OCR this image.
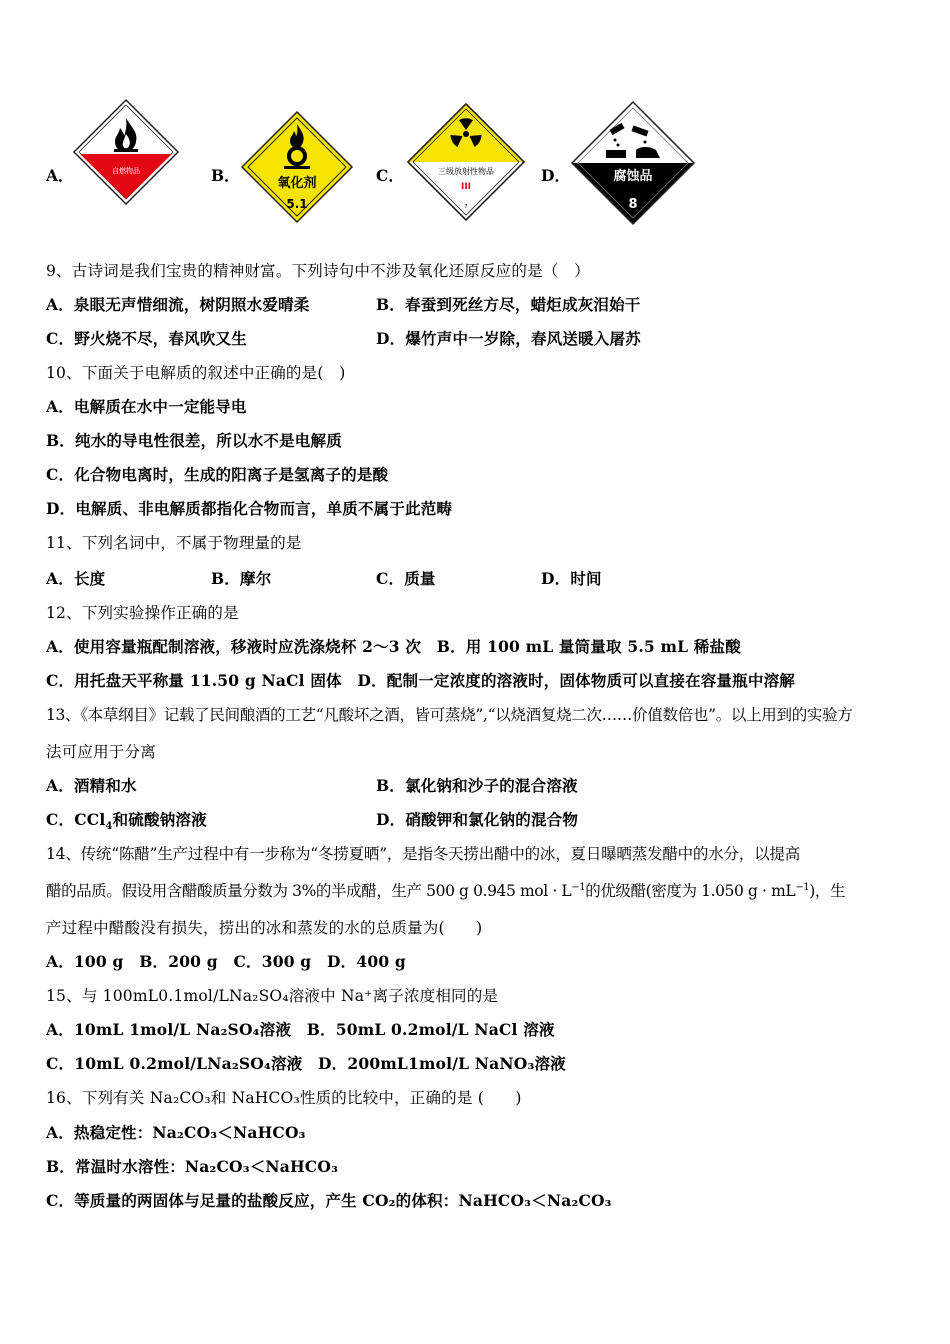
A．	自燃物品	B．	氧化剂
5.1
C．	三级放射性物品
III
7
D．	腐蚀品
8
9、古诗词是我们宝贵的精神财富。下列诗句中不涉及氧化还原反应的是（　）
A．泉眼无声惜细流，树阴照水爱晴柔	B．春蚕到死丝方尽，蜡炬成灰泪始干
C．野火烧不尽，春风吹又生	D．爆竹声中一岁除，春风送暖入屠苏
10、下面关于电解质的叙述中正确的是(　)
A．电解质在水中一定能导电
B．纯水的导电性很差，所以水不是电解质
C．化合物电离时，生成的阳离子是氢离子的是酸
D．电解质、非电解质都指化合物而言，单质不属于此范畴
11、下列名词中，不属于物理量的是
A．长度	B．摩尔	C．质量	D．时间
12、下列实验操作正确的是
A．使用容量瓶配制溶液，移液时应洗涤烧杯 2～3 次　B．用 100 mL 量筒量取 5.5 mL 稀盐酸
C．用托盘天平称量 11.50 g NaCl 固体　D．配制一定浓度的溶液时，固体物质可以直接在容量瓶中溶解
13、《本草纲目》记载了民间酿酒的工艺“凡酸坏之酒，皆可蒸烧”,“以烧酒复烧二次……价值数倍也”。以上用到的实验方
法可应用于分离
A．酒精和水	B．氯化钠和沙子的混合溶液
C．CCl$_4$和硫酸钠溶液	D．硝酸钾和氯化钠的混合物
14、传统“陈醋”生产过程中有一步称为“冬捞夏晒”，是指冬天捞出醋中的冰，夏日曝晒蒸发醋中的水分，以提高
醋的品质。假设用含醋酸质量分数为 3%的半成醋，生产 500 g 0.945 mol · $L^{-1}$的优级醋(密度为 1.050 $g \cdot mL^{-1}$)，生
产过程中醋酸没有损失，捞出的冰和蒸发的水的总质量为(　　)
A．100 g　B．200 g　C．300 g　D．400 g
15、与 100mL0.1mol/LNa₂SO₄溶液中 Na⁺离子浓度相同的是
A．10mL 1mol/L Na₂SO₄溶液　B．50mL 0.2mol/L NaCl 溶液
C．10mL 0.2mol/LNa₂SO₄溶液　D．200mL1mol/L NaNO₃溶液
16、下列有关 Na₂CO₃和 NaHCO₃性质的比较中，正确的是 (　　)
A．热稳定性：Na₂CO₃＜NaHCO₃
B．常温时水溶性：Na₂CO₃＜NaHCO₃
C．等质量的两固体与足量的盐酸反应，产生 CO₂的体积：NaHCO₃＜Na₂CO₃
